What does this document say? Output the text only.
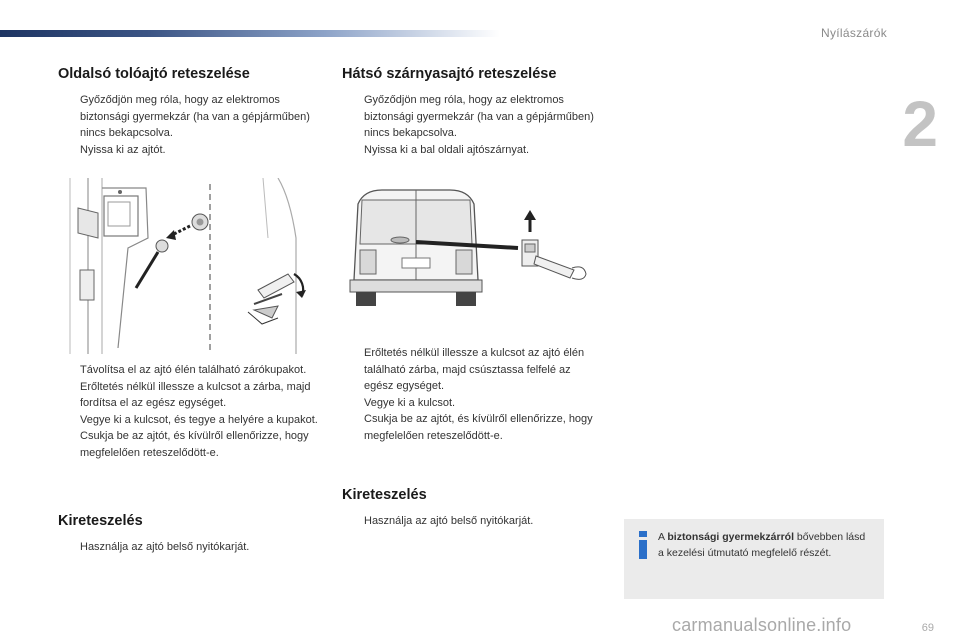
Nyílászárók
2
Oldalsó tolóajtó reteszelése
Győződjön meg róla, hogy az elektromos biztonsági gyermekzár (ha van a gépjárműben) nincs bekapcsolva.
Nyissa ki az ajtót.
Távolítsa el az ajtó élén található zárókupakot.
Erőltetés nélkül illessze a kulcsot a zárba, majd fordítsa el az egész egységet.
Vegye ki a kulcsot, és tegye a helyére a kupakot.
Csukja be az ajtót, és kívülről ellenőrizze, hogy megfelelően reteszelődött-e.
Kireteszelés
Használja az ajtó belső nyitókarját.
Hátsó szárnyasajtó reteszelése
Győződjön meg róla, hogy az elektromos biztonsági gyermekzár (ha van a gépjárműben) nincs bekapcsolva.
Nyissa ki a bal oldali ajtószárnyat.
Erőltetés nélkül illessze a kulcsot az ajtó élén található zárba, majd csúsztassa felfelé az egész egységet.
Vegye ki a kulcsot.
Csukja be az ajtót, és kívülről ellenőrizze, hogy megfelelően reteszelődött-e.
Kireteszelés
Használja az ajtó belső nyitókarját.
A biztonsági gyermekzárról bővebben lásd a kezelési útmutató megfelelő részét.
69
carmanualsonline.info
